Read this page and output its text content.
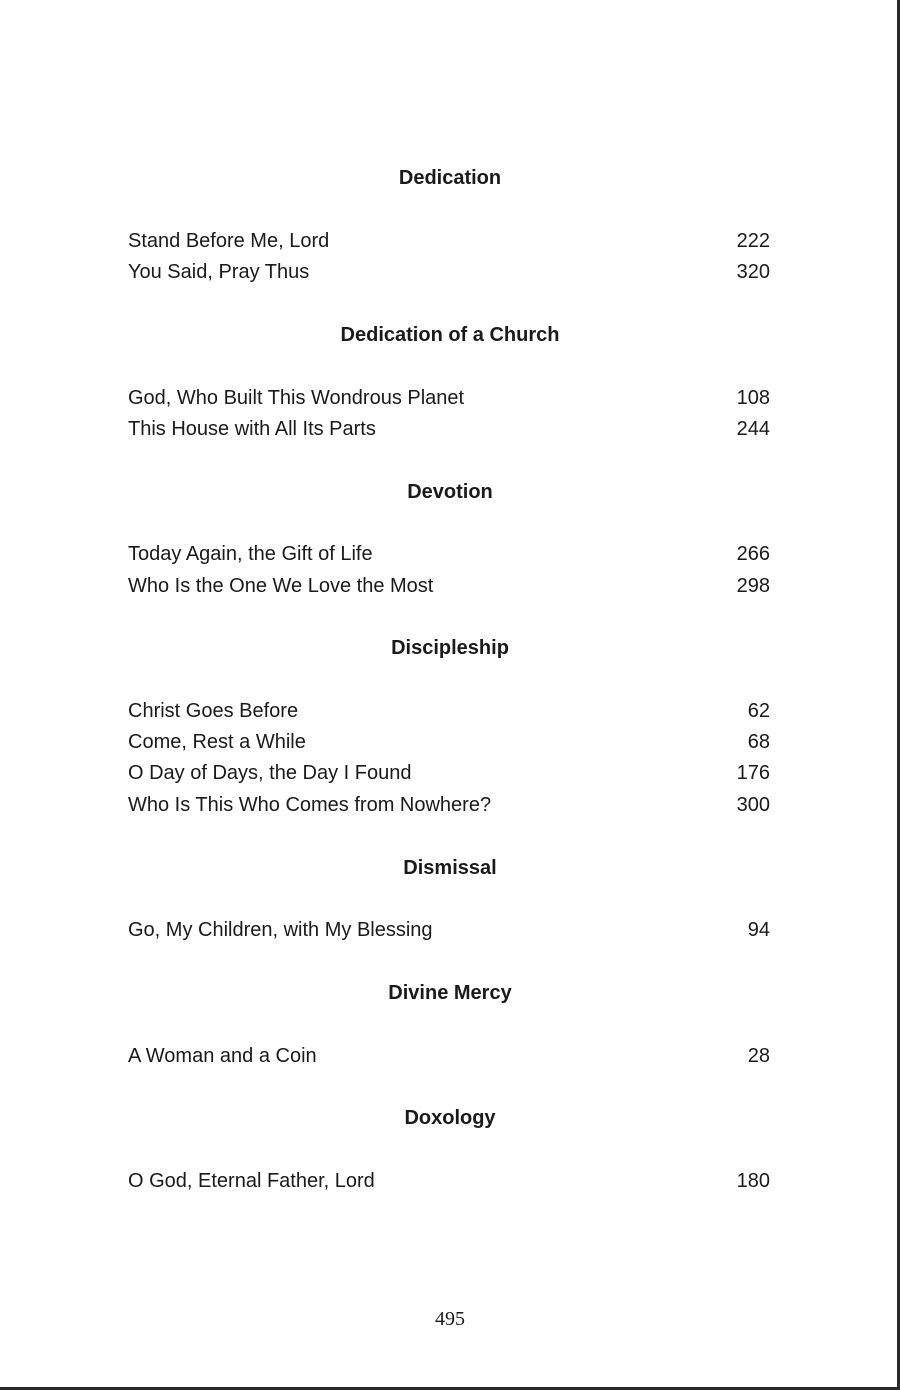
Dedication
Stand Before Me, Lord	222
You Said, Pray Thus	320
Dedication of a Church
God, Who Built This Wondrous Planet	108
This House with All Its Parts	244
Devotion
Today Again, the Gift of Life	266
Who Is the One We Love the Most	298
Discipleship
Christ Goes Before	62
Come, Rest a While	68
O Day of Days, the Day I Found	176
Who Is This Who Comes from Nowhere?	300
Dismissal
Go, My Children, with My Blessing	94
Divine Mercy
A Woman and a Coin	28
Doxology
O God, Eternal Father, Lord	180
495
